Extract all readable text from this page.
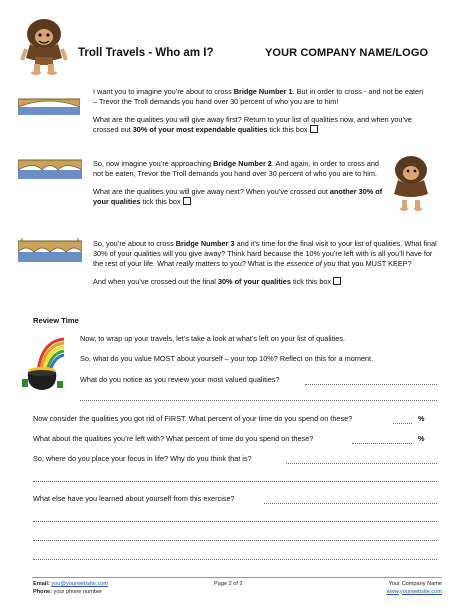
Troll Travels - Who am I?	YOUR COMPANY NAME/LOGO

I want you to imagine you’re about to cross Bridge Number 1. But in order to cross - and not be eaten – Trevor the Troll demands you hand over 30 percent of who you are to him!

What are the qualities you will give away first? Return to your list of qualities now, and when you’ve crossed out 30% of your most expendable qualities tick this box

So, now imagine you’re approaching Bridge Number 2. And again, in order to cross and not be eaten, Trevor the Troll demands you hand over 30 percent of who you are to him.

What are the qualities you will give away next? When you’ve crossed out another 30% of your qualities tick this box

So, you’re about to cross Bridge Number 3 and it’s time for the final visit to your list of qualities. What final 30% of your qualities will you give away? Think hard because the 10% you’re left with is all you’ll have for the rest of your life. What really matters to you? What is the essence of you that you MUST KEEP?

And when you’ve crossed out the final 30% of your qualities tick this box

Review Time
Now, to wrap up your travels, let’s take a look at what’s left on your list of qualities.
So, what do you value MOST about yourself – your top 10%? Reflect on this for a moment.
What do you notice as you review your most valued qualities?
Now consider the qualities you got rid of FIRST. What percent of your time do you spend on these?	%
What about the qualities you’re left with? What percent of time do you spend on these?	%
So, where do you place your focus in life? Why do you think that is?
What else have you learned about yourself from this exercise?
Email: you@yourwebsite.com
Phone: your phone number
Page 2 of 2	Your Company Name
www.yourwebsite.com
